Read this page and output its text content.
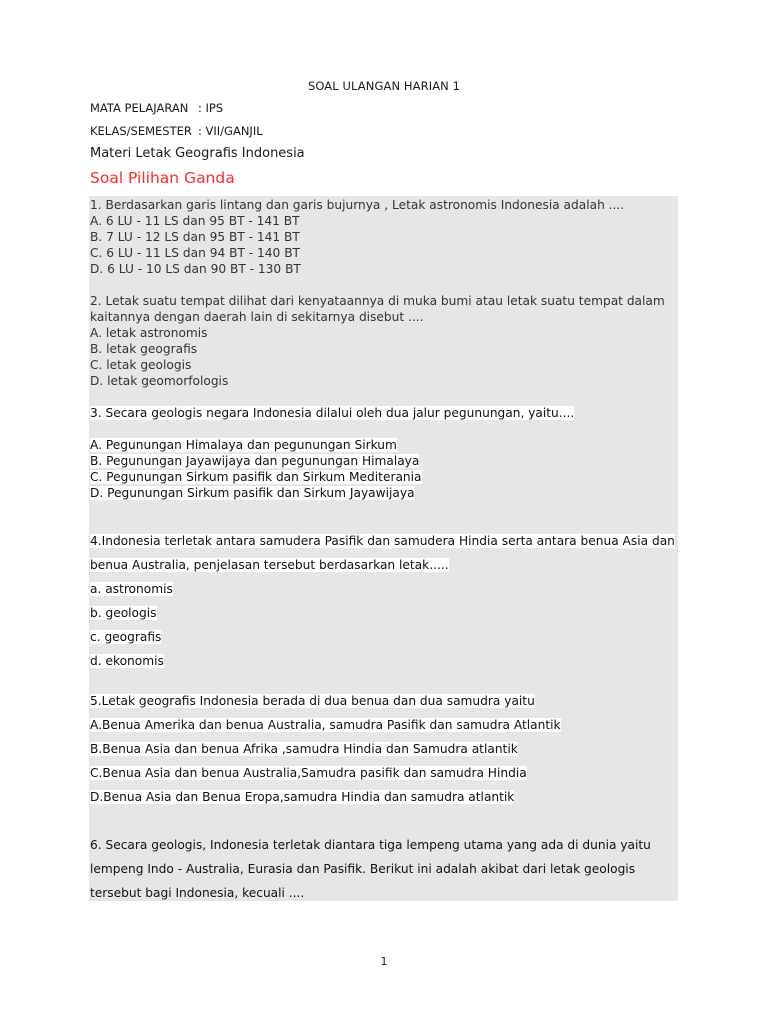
SOAL ULANGAN HARIAN 1
MATA PELAJARAN : IPS
KELAS/SEMESTER : VII/GANJIL
Materi Letak Geografis Indonesia
Soal Pilihan Ganda
1. Berdasarkan garis lintang dan garis bujurnya , Letak astronomis Indonesia adalah ....
A. 6 LU - 11 LS dan 95 BT - 141 BT
B. 7 LU - 12 LS dan 95 BT - 141 BT
C. 6 LU - 11 LS dan 94 BT - 140 BT
D. 6 LU - 10 LS dan 90 BT - 130 BT
2. Letak suatu tempat dilihat dari kenyataannya di muka bumi atau letak suatu tempat dalam
kaitannya dengan daerah lain di sekitarnya disebut ....
A. letak astronomis
B. letak geografis
C. letak geologis
D. letak geomorfologis
3. Secara geologis negara Indonesia dilalui oleh dua jalur pegunungan, yaitu....
A. Pegunungan Himalaya dan pegunungan Sirkum
B. Pegunungan Jayawijaya dan pegunungan Himalaya
C. Pegunungan Sirkum pasifik dan Sirkum Mediterania
D. Pegunungan Sirkum pasifik dan Sirkum Jayawijaya
4.Indonesia terletak antara samudera Pasifik dan samudera Hindia serta antara benua Asia dan
benua Australia, penjelasan tersebut berdasarkan letak.....
a. astronomis
b. geologis
c. geografis
d. ekonomis
5.Letak geografis Indonesia berada di dua benua dan dua samudra yaitu
A.Benua Amerika dan benua Australia, samudra Pasifik dan samudra Atlantik
B.Benua Asia dan benua Afrika ,samudra Hindia dan Samudra atlantik
C.Benua Asia dan benua Australia,Samudra pasifik dan samudra Hindia
D.Benua Asia dan Benua Eropa,samudra Hindia dan samudra atlantik
6. Secara geologis, Indonesia terletak diantara tiga lempeng utama yang ada di dunia yaitu
lempeng Indo - Australia, Eurasia dan Pasifik. Berikut ini adalah akibat dari letak geologis
tersebut bagi Indonesia, kecuali ....
1
